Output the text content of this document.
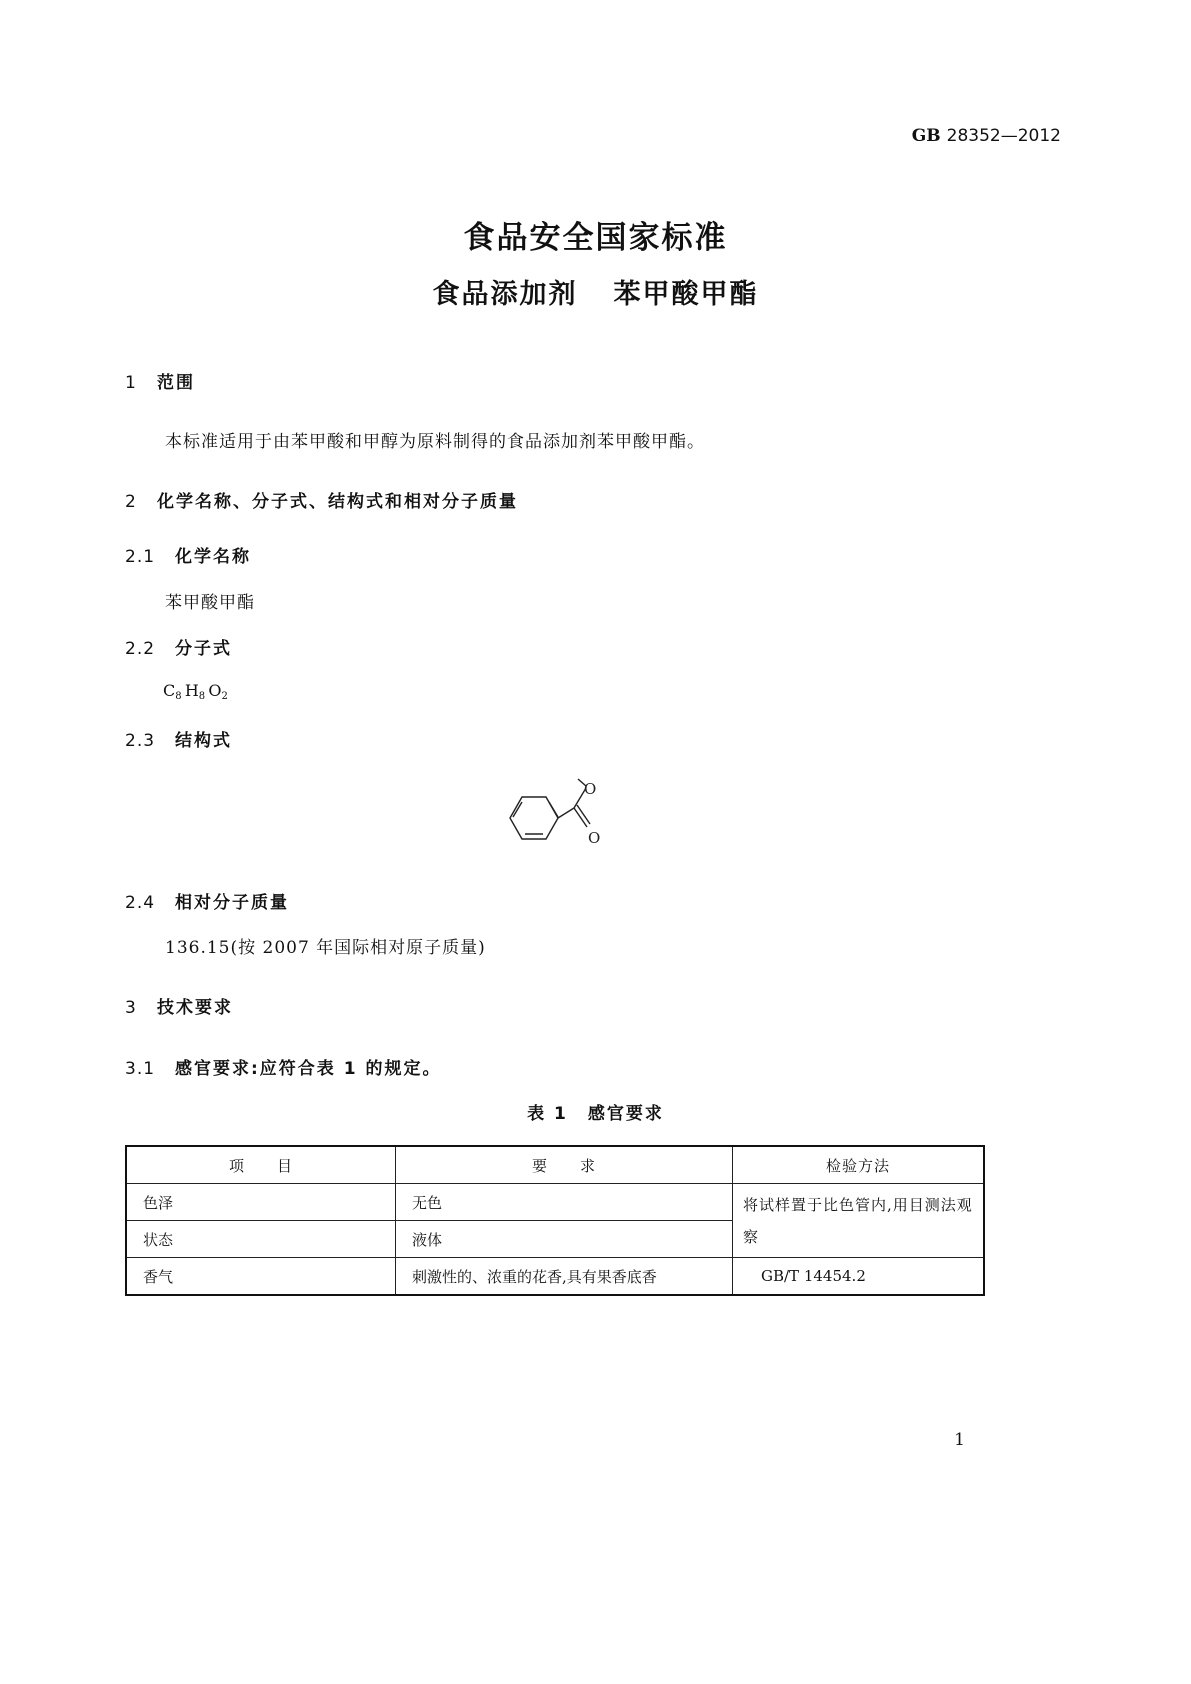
GB 28352—2012
食品安全国家标准
食品添加剂 苯甲酸甲酯
1 范围
本标准适用于由苯甲酸和甲醇为原料制得的食品添加剂苯甲酸甲酯。
2 化学名称、分子式、结构式和相对分子质量
2.1 化学名称
苯甲酸甲酯
2.2 分子式
$C_8$  $H_8$  $O_2$
2.3 结构式
O
O
2.4 相对分子质量
136.15(按 2007 年国际相对原子质量)
3 技术要求
3.1 感官要求:应符合表 1 的规定。
表 1 感官要求
项　　目	要　　求	检验方法
色泽	无色	将试样置于比色管内,用目测法观察
状态	液体	
香气	刺激性的、浓重的花香,具有果香底香	GB/T 14454.2
1
